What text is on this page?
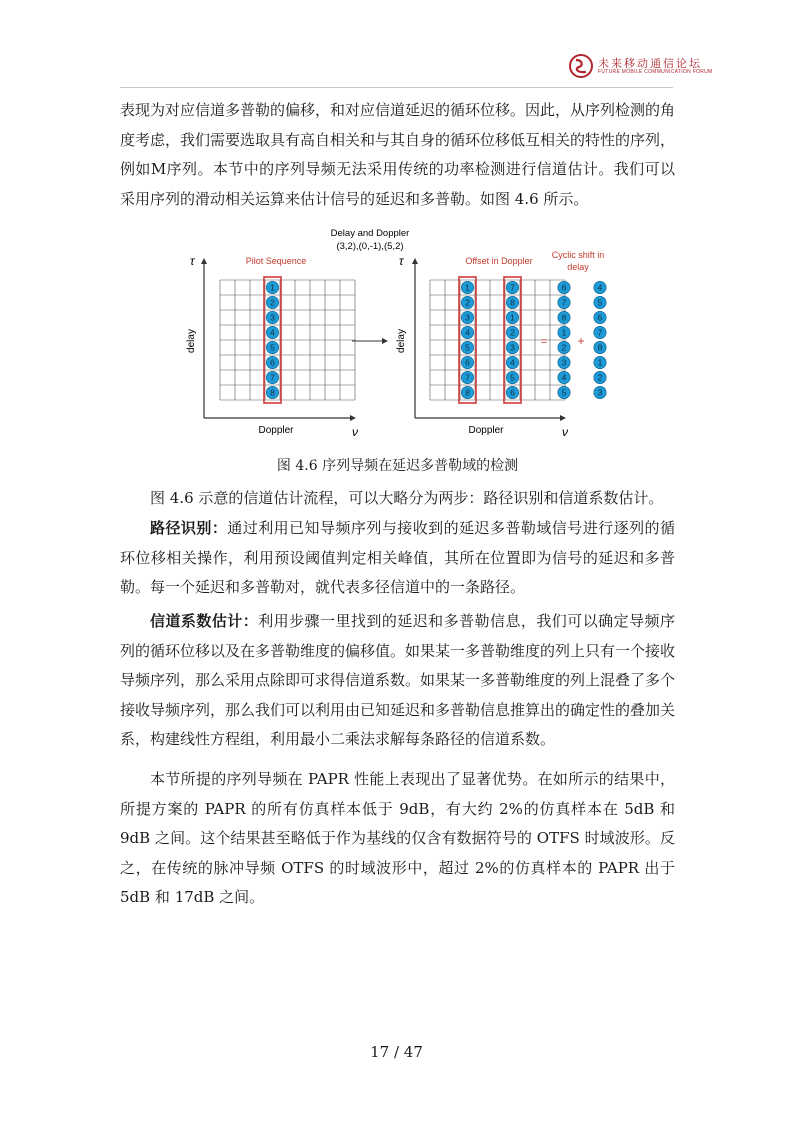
未来移动通信论坛
FUTURE MOBILE COMMUNICATION FORUM

表现为对应信道多普勒的偏移，和对应信道延迟的循环位移。因此，从序列检测的角度考虑，我们需要选取具有高自相关和与其自身的循环位移低互相关的特性的序列，例如M序列。本节中的序列导频无法采用传统的功率检测进行信道估计。我们可以采用序列的滑动相关运算来估计信号的延迟和多普勒。如图 4.6 所示。

Delay and Doppler
(3,2),(0,-1),(5,2)
τ
ν
Doppler
delay
Pilot Sequence	τ
ν
Doppler
delay
Offset in Doppler
Cyclic shift in
delay
=	+
1
2
3
4
5
6
7
8
1
2
3
4
5
6
7
8
7
8
1
2
3
4
5
6
6
7
8
1
2
3
4
5
4
5
6
7
8
1
2
3
图 4.6 序列导频在延迟多普勒域的检测

图 4.6 示意的信道估计流程，可以大略分为两步：路径识别和信道系数估计。

路径识别：通过利用已知导频序列与接收到的延迟多普勒域信号进行逐列的循环位移相关操作，利用预设阈值判定相关峰值，其所在位置即为信号的延迟和多普勒。每一个延迟和多普勒对，就代表多径信道中的一条路径。

信道系数估计：利用步骤一里找到的延迟和多普勒信息，我们可以确定导频序列的循环位移以及在多普勒维度的偏移值。如果某一多普勒维度的列上只有一个接收导频序列，那么采用点除即可求得信道系数。如果某一多普勒维度的列上混叠了多个接收导频序列，那么我们可以利用由已知延迟和多普勒信息推算出的确定性的叠加关系，构建线性方程组，利用最小二乘法求解每条路径的信道系数。

本节所提的序列导频在 PAPR 性能上表现出了显著优势。在如所示的结果中，所提方案的 PAPR 的所有仿真样本低于 9dB，有大约 2%的仿真样本在 5dB 和 9dB 之间。这个结果甚至略低于作为基线的仅含有数据符号的 OTFS 时域波形。反之，在传统的脉冲导频 OTFS 的时域波形中，超过 2%的仿真样本的 PAPR 出于 5dB 和 17dB 之间。

17 / 47
